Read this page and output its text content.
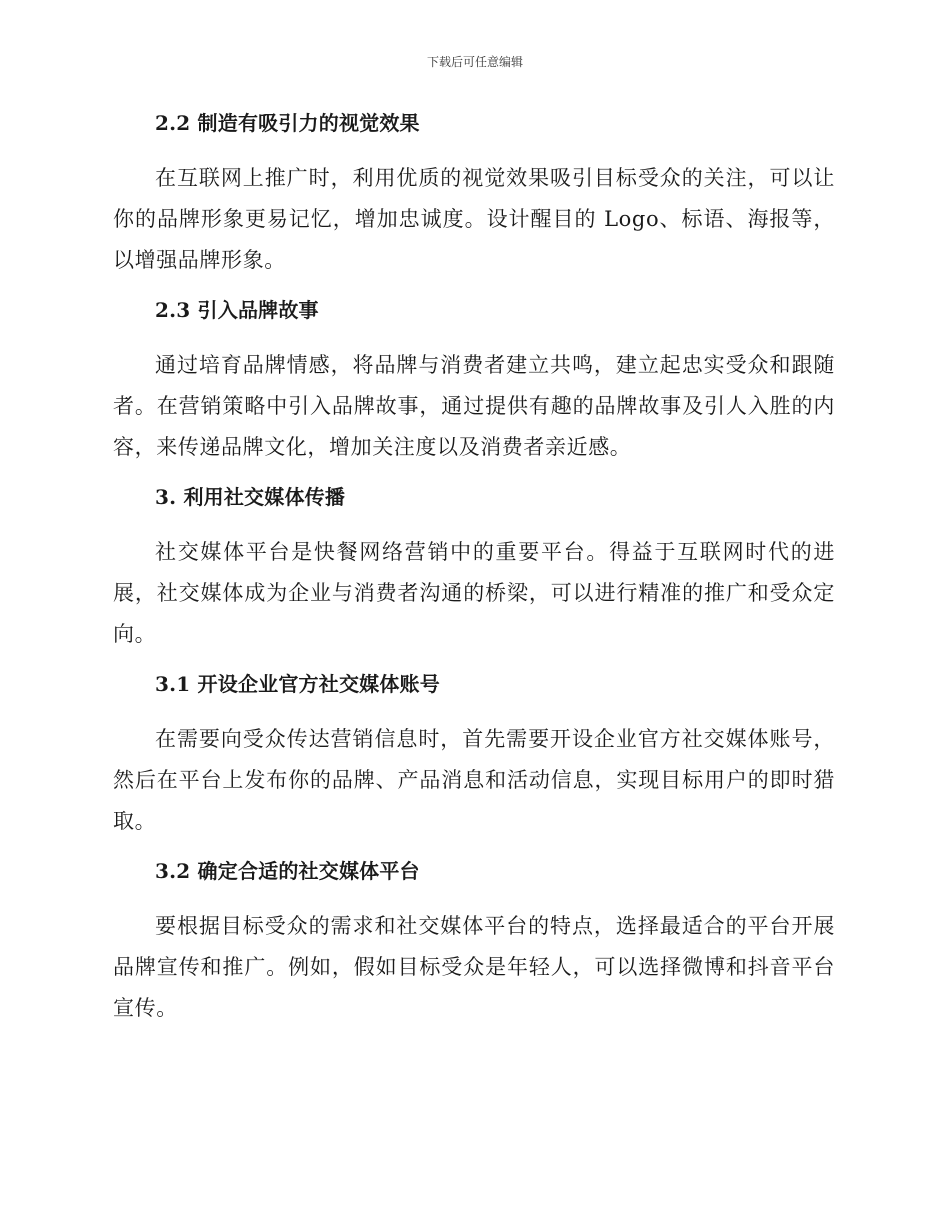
下载后可任意编辑
2.2 制造有吸引力的视觉效果

在互联网上推广时，利用优质的视觉效果吸引目标受众的关注，可以让你的品牌形象更易记忆，增加忠诚度。设计醒目的 Logo、标语、海报等，以增强品牌形象。

2.3 引入品牌故事

通过培育品牌情感，将品牌与消费者建立共鸣，建立起忠实受众和跟随者。在营销策略中引入品牌故事，通过提供有趣的品牌故事及引人入胜的内容，来传递品牌文化，增加关注度以及消费者亲近感。

3. 利用社交媒体传播

社交媒体平台是快餐网络营销中的重要平台。得益于互联网时代的进展，社交媒体成为企业与消费者沟通的桥梁，可以进行精准的推广和受众定向。

3.1 开设企业官方社交媒体账号

在需要向受众传达营销信息时，首先需要开设企业官方社交媒体账号，然后在平台上发布你的品牌、产品消息和活动信息，实现目标用户的即时猎取。

3.2 确定合适的社交媒体平台

要根据目标受众的需求和社交媒体平台的特点，选择最适合的平台开展品牌宣传和推广。例如，假如目标受众是年轻人，可以选择微博和抖音平台宣传。
